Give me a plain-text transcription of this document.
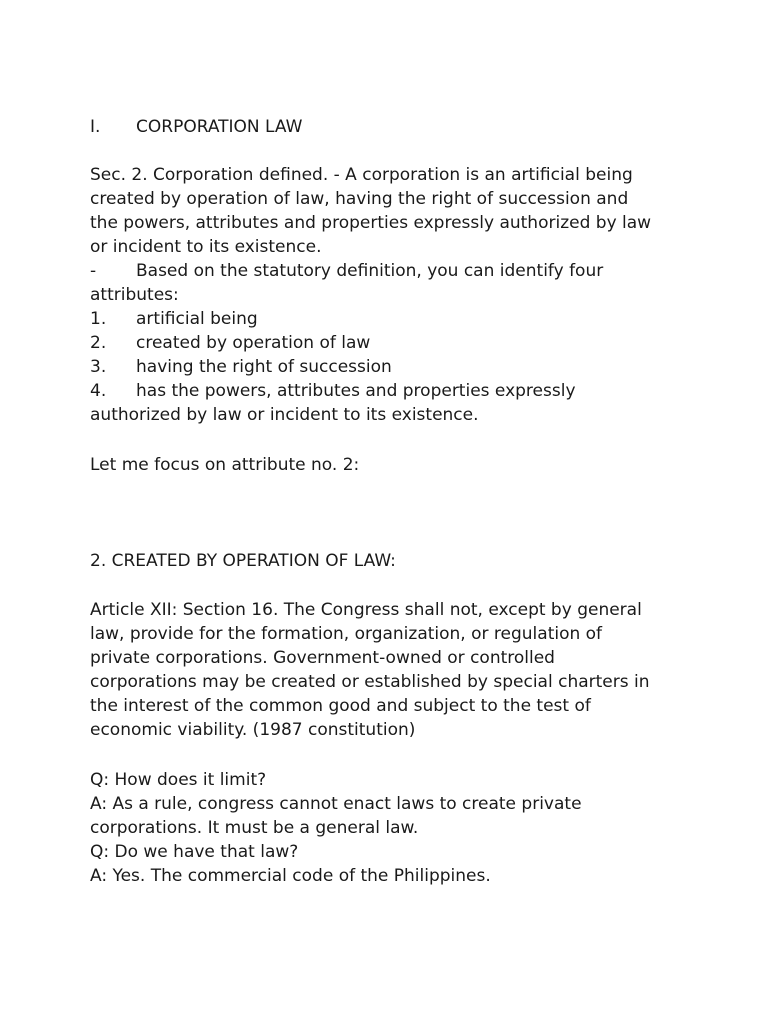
I. CORPORATION LAW
Sec. 2. Corporation defined. - A corporation is an artificial being
created by operation of law, having the right of succession and
the powers, attributes and properties expressly authorized by law
or incident to its existence.
- Based on the statutory definition, you can identify four
attributes:
1. artificial being
2. created by operation of law
3. having the right of succession
4. has the powers, attributes and properties expressly
authorized by law or incident to its existence.
Let me focus on attribute no. 2:
2. CREATED BY OPERATION OF LAW:
Article XII: Section 16. The Congress shall not, except by general
law, provide for the formation, organization, or regulation of
private corporations. Government-owned or controlled
corporations may be created or established by special charters in
the interest of the common good and subject to the test of
economic viability. (1987 constitution)
Q: How does it limit?
A: As a rule, congress cannot enact laws to create private
corporations. It must be a general law.
Q: Do we have that law?
A: Yes. The commercial code of the Philippines.
